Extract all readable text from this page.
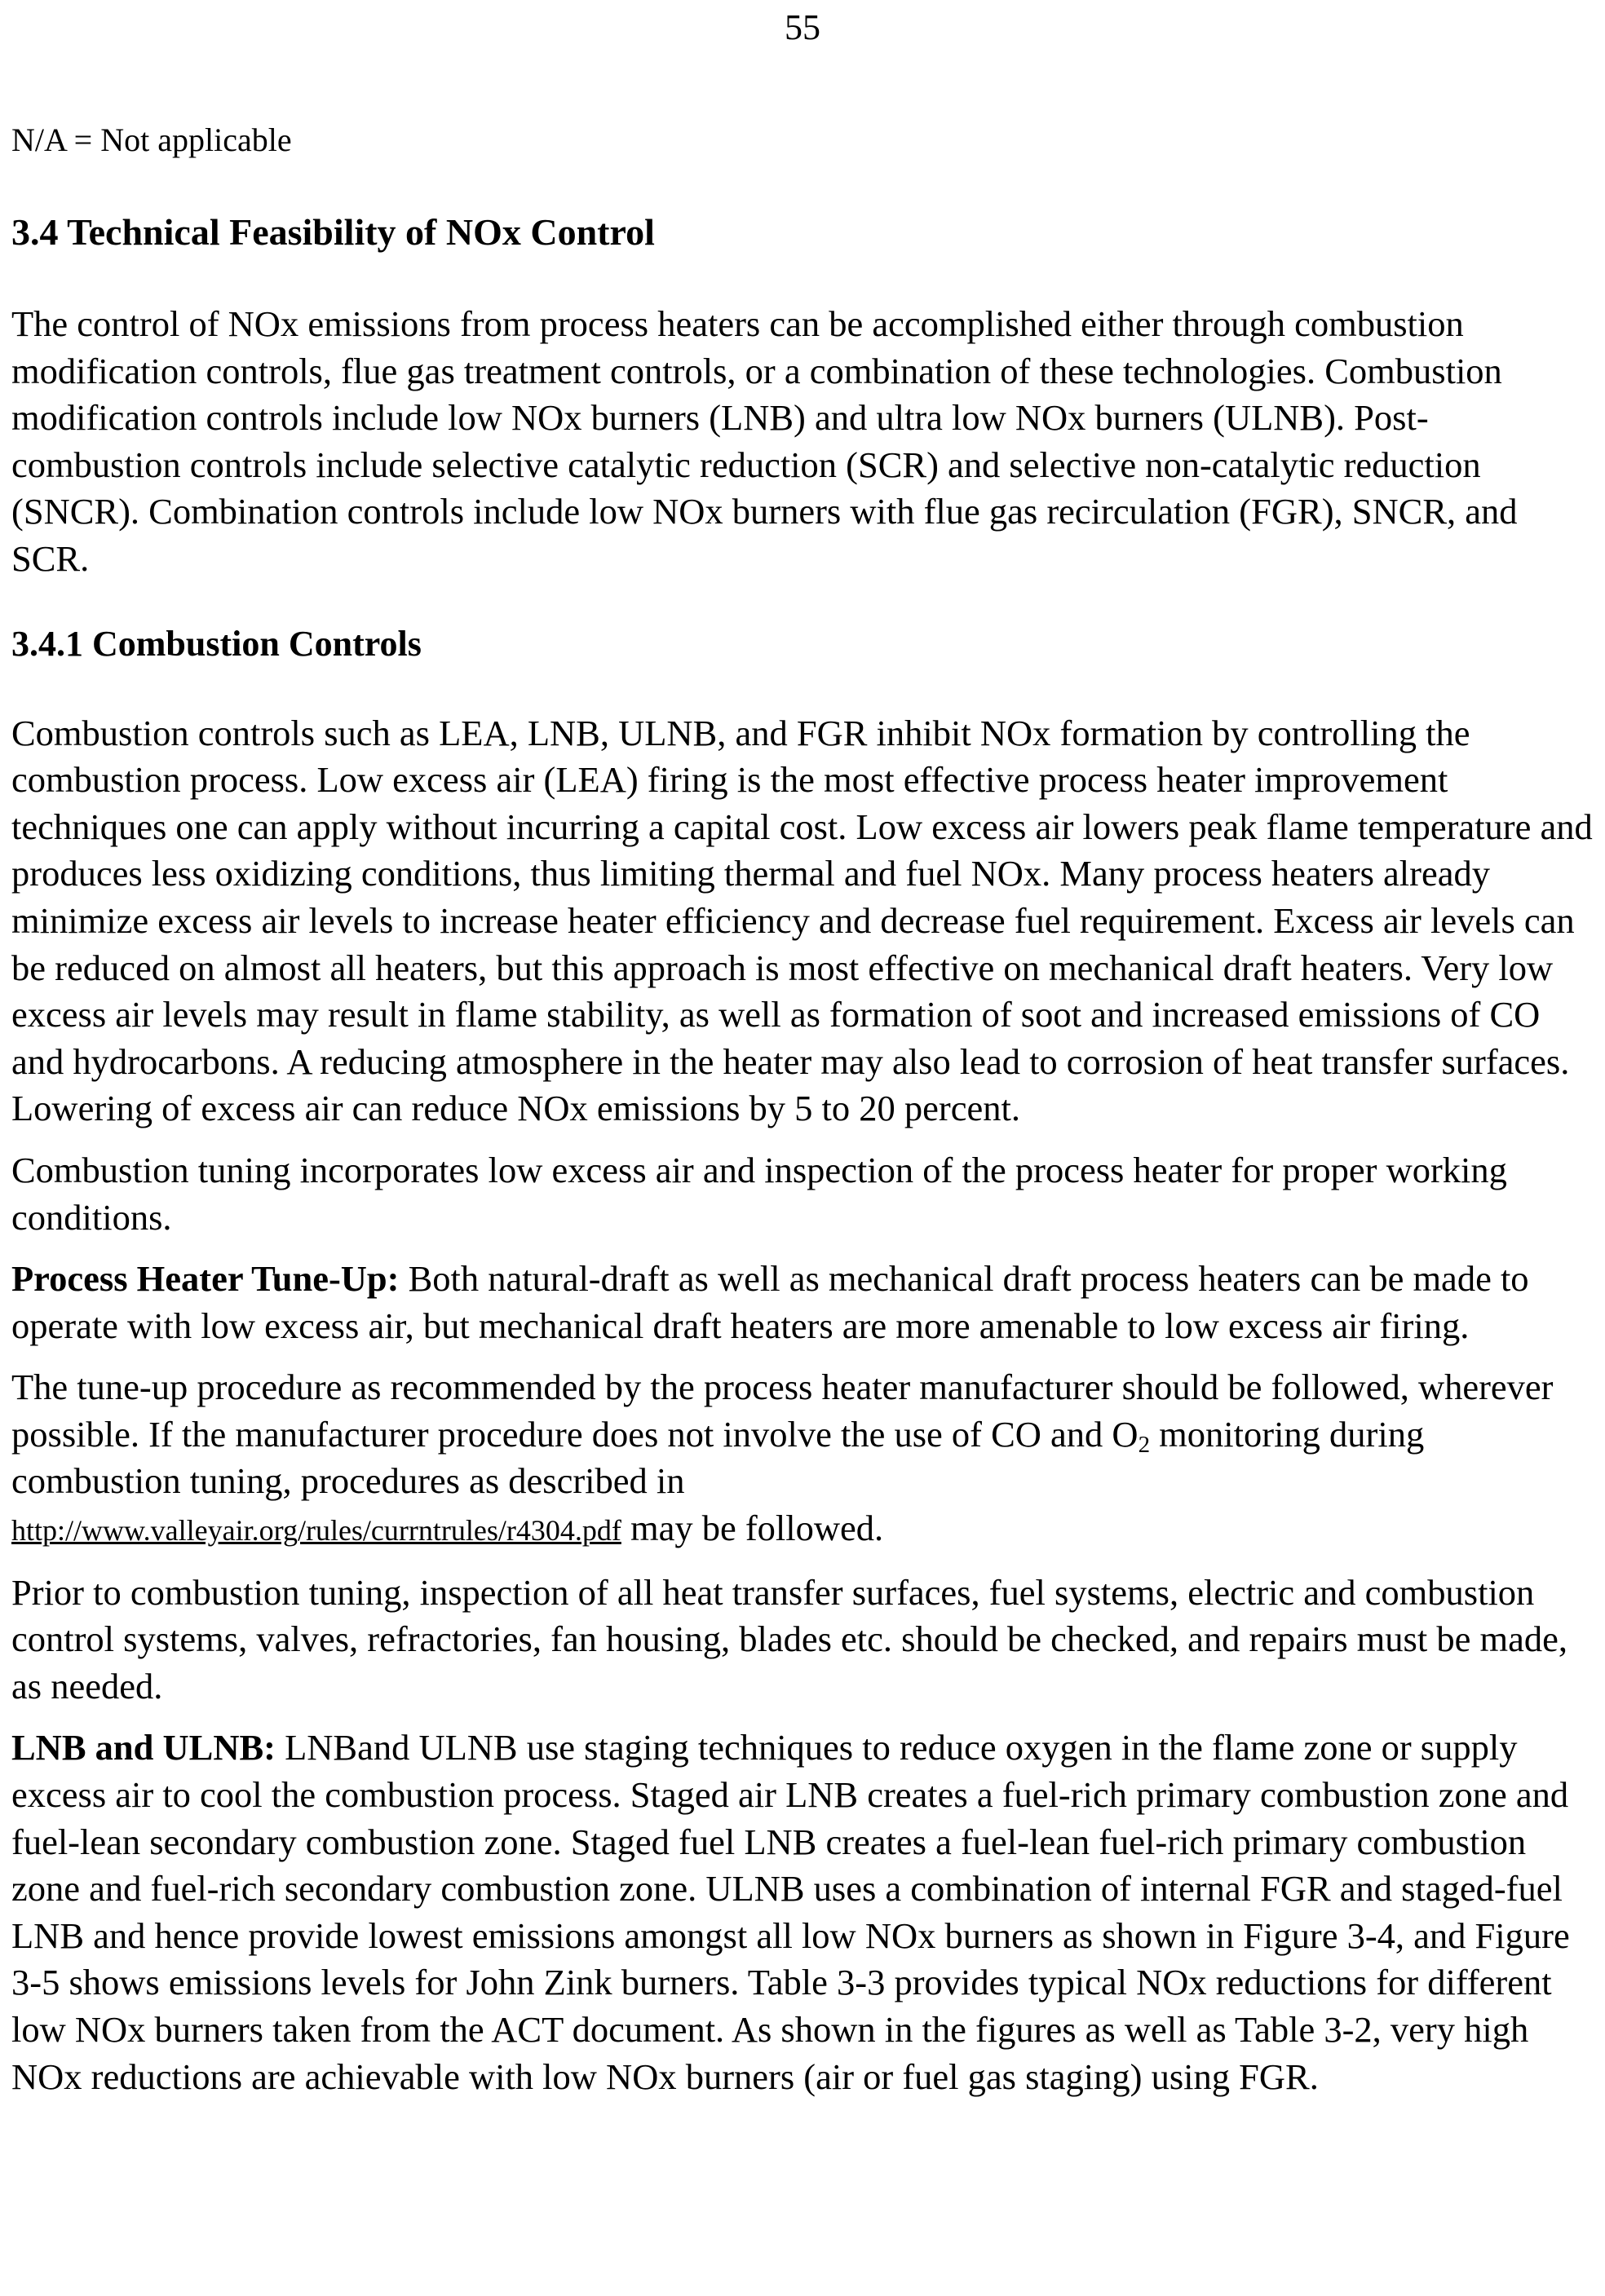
55
N/A = Not applicable
3.4 Technical Feasibility of NOx Control

The control of NOx emissions from process heaters can be accomplished either through combustion modification controls, flue gas treatment controls, or a combination of these technologies. Combustion modification controls include low NOx burners (LNB) and ultra low NOx burners (ULNB). Post-combustion controls include selective catalytic reduction (SCR) and selective non-catalytic reduction (SNCR). Combination controls include low NOx burners with flue gas recirculation (FGR), SNCR, and SCR.

3.4.1 Combustion Controls

Combustion controls such as LEA, LNB, ULNB, and FGR inhibit NOx formation by controlling the combustion process. Low excess air (LEA) firing is the most effective process heater improvement techniques one can apply without incurring a capital cost. Low excess air lowers peak flame temperature and produces less oxidizing conditions, thus limiting thermal and fuel NOx. Many process heaters already minimize excess air levels to increase heater efficiency and decrease fuel requirement. Excess air levels can be reduced on almost all heaters, but this approach is most effective on mechanical draft heaters. Very low excess air levels may result in flame stability, as well as formation of soot and increased emissions of CO and hydrocarbons. A reducing atmosphere in the heater may also lead to corrosion of heat transfer surfaces. Lowering of excess air can reduce NOx emissions by 5 to 20 percent.

Combustion tuning incorporates low excess air and inspection of the process heater for proper working conditions.

Process Heater Tune-Up: Both natural-draft as well as mechanical draft process heaters can be made to operate with low excess air, but mechanical draft heaters are more amenable to low excess air firing.

The tune-up procedure as recommended by the process heater manufacturer should be followed, wherever possible. If the manufacturer procedure does not involve the use of CO and $O_2$ monitoring during combustion tuning, procedures as described in
http://www.valleyair.org/rules/currntrules/r4304.pdf may be followed.

Prior to combustion tuning, inspection of all heat transfer surfaces, fuel systems, electric and combustion control systems, valves, refractories, fan housing, blades etc. should be checked, and repairs must be made, as needed.

LNB and ULNB: LNBand ULNB use staging techniques to reduce oxygen in the flame zone or supply excess air to cool the combustion process. Staged air LNB creates a fuel-rich primary combustion zone and fuel-lean secondary combustion zone. Staged fuel LNB creates a fuel-lean fuel-rich primary combustion zone and fuel-rich secondary combustion zone. ULNB uses a combination of internal FGR and staged-fuel LNB and hence provide lowest emissions amongst all low NOx burners as shown in Figure 3-4, and Figure 3-5 shows emissions levels for John Zink burners. Table 3-3 provides typical NOx reductions for different low NOx burners taken from the ACT document. As shown in the figures as well as Table 3-2, very high NOx reductions are achievable with low NOx burners (air or fuel gas staging) using FGR.
